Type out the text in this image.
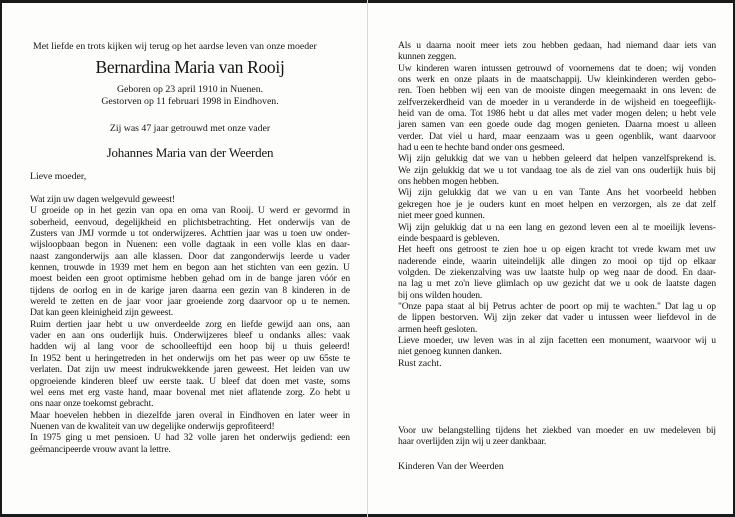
Met liefde en trots kijken wij terug op het aardse leven van onze moeder
Bernardina Maria van Rooij
Geboren op 23 april 1910 in Nuenen.
Gestorven op 11 februari 1998 in Eindhoven.
Zij was 47 jaar getrouwd met onze vader
Johannes Maria van der Weerden
Lieve moeder,
Wat zijn uw dagen welgevuld geweest!
U groeide op in het gezin van opa en oma van Rooij. U werd er gevormd in
soberheid, eenvoud, degelijkheid en plichtsbetrachting. Het onderwijs van de
Zusters van JMJ vormde u tot onderwijzeres. Achttien jaar was u toen uw onder-
wijsloopbaan begon in Nuenen: een volle dagtaak in een volle klas en daar-
naast zangonderwijs aan alle klassen. Door dat zangonderwijs leerde u vader
kennen, trouwde in 1939 met hem en begon aan het stichten van een gezin. U
moest beiden een groot optimisme hebben gehad om in de bange jaren vóór en
tijdens de oorlog en in de karige jaren daarna een gezin van 8 kinderen in de
wereld te zetten en de jaar voor jaar groeiende zorg daarvoor op u te nemen.
Dat kan geen kleinigheid zijn geweest.
Ruim dertien jaar hebt u uw onverdeelde zorg en liefde gewijd aan ons, aan
vader en aan ons ouderlijk huis. Onderwijzeres bleef u ondanks alles: vaak
hadden wij al lang voor de schoolleeftijd een hoop bij u thuis geleerd!
In 1952 bent u heringetreden in het onderwijs om het pas weer op uw 65ste te
verlaten. Dat zijn uw meest indrukwekkende jaren geweest. Het leiden van uw
opgroeiende kinderen bleef uw eerste taak. U bleef dat doen met vaste, soms
wel eens met erg vaste hand, maar bovenal met niet aflatende zorg. Zo hebt u
ons naar onze toekomst gebracht.
Maar hoevelen hebben in diezelfde jaren overal in Eindhoven en later weer in
Nuenen van de kwaliteit van uw degelijke onderwijs geprofiteerd!
In 1975 ging u met pensioen. U had 32 volle jaren het onderwijs gediend: een
geëmancipeerde vrouw avant la lettre.
Als u daarna nooit meer iets zou hebben gedaan, had niemand daar iets van
kunnen zeggen.
Uw kinderen waren intussen getrouwd of voornemens dat te doen; wij vonden
ons werk en onze plaats in de maatschappij. Uw kleinkinderen werden gebo-
ren. Toen hebben wij een van de mooiste dingen meegemaakt in ons leven: de
zelfverzekerdheid van de moeder in u veranderde in de wijsheid en toegeeflijk-
heid van de oma. Tot 1986 hebt u dat alles met vader mogen delen; u hebt vele
jaren samen van een goede oude dag mogen genieten. Daarna moest u alleen
verder. Dat viel u hard, maar eenzaam was u geen ogenblik, want daarvoor
had u een te hechte band onder ons gesmeed.
Wij zijn gelukkig dat we van u hebben geleerd dat helpen vanzelfsprekend is.
We zijn gelukkig dat we u tot vandaag toe als de ziel van ons ouderlijk huis bij
ons hebben mogen hebben.
Wij zijn gelukkig dat we van u en van Tante Ans het voorbeeld hebben
gekregen hoe je je ouders kunt en moet helpen en verzorgen, als ze dat zelf
niet meer goed kunnen.
Wij zijn gelukkig dat u na een lang en gezond leven een al te moeilijk levens-
einde bespaard is gebleven.
Het heeft ons getroost te zien hoe u op eigen kracht tot vrede kwam met uw
naderende einde, waarin uiteindelijk alle dingen zo mooi op tijd op elkaar
volgden. De ziekenzalving was uw laatste hulp op weg naar de dood. En daar-
na lag u met zo'n lieve glimlach op uw gezicht dat we u ook de laatste dagen
bij ons wilden houden.
"Onze papa staat al bij Petrus achter de poort op mij te wachten." Dat lag u op
de lippen bestorven. Wij zijn zeker dat vader u intussen weer liefdevol in de
armen heeft gesloten.
Lieve moeder, uw leven was in al zijn facetten een monument, waarvoor wij u
niet genoeg kunnen danken.
Rust zacht.
Voor uw belangstelling tijdens het ziekbed van moeder en uw medeleven bij
haar overlijden zijn wij u zeer dankbaar.
Kinderen Van der Weerden
